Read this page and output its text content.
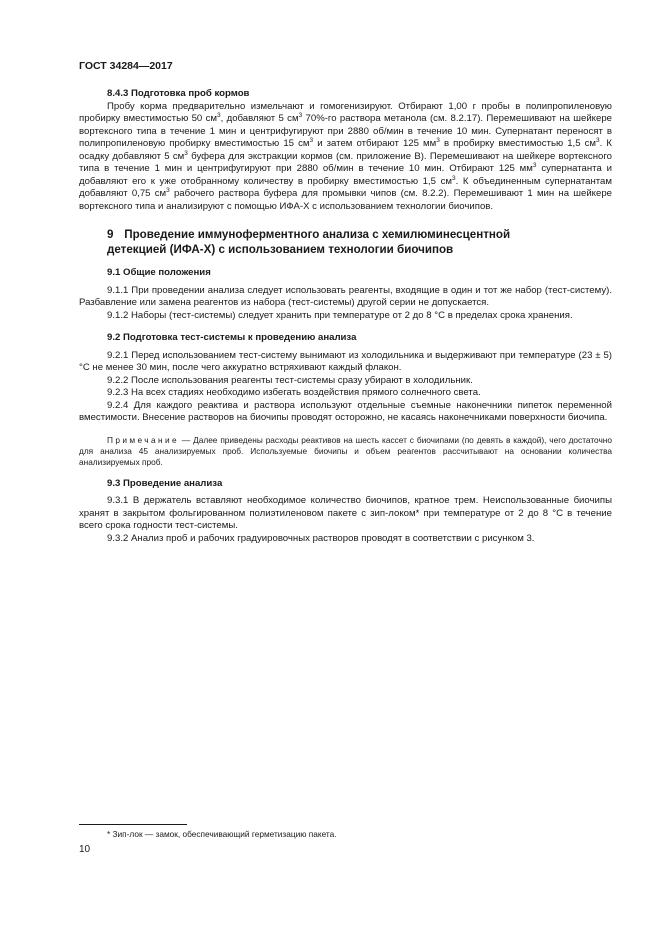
ГОСТ 34284—2017
8.4.3 Подготовка проб кормов

Пробу корма предварительно измельчают и гомогенизируют. Отбирают 1,00 г пробы в полипропиленовую пробирку вместимостью 50 $см^3$, добавляют 5 $см^3$ 70%-го раствора метанола (см. 8.2.17). Перемешивают на шейкере вортексного типа в течение 1 мин и центрифугируют при 2880 об/мин в течение 10 мин. Супернатант переносят в полипропиленовую пробирку вместимостью 15 $см^3$ и затем отбирают 125 $мм^3$ в пробирку вместимостью 1,5 $см^3$. К осадку добавляют 5 $см^3$ буфера для экстракции кормов (см. приложение В). Перемешивают на шейкере вортексного типа в течение 1 мин и центрифугируют при 2880 об/мин в течение 10 мин. Отбирают 125 $мм^3$ супернатанта и добавляют его к уже отобранному количеству в пробирку вместимостью 1,5 $см^3$. К объединенным супернатантам добавляют 0,75 $см^3$ рабочего раствора буфера для промывки чипов (см. 8.2.2). Перемешивают 1 мин на шейкере вортексного типа и анализируют с помощью ИФА-Х с использованием технологии биочипов.

9 Проведение иммуноферментного анализа с хемилюминесцентной
детекцией (ИФА-Х) с использованием технологии биочипов
9.1 Общие положения

9.1.1 При проведении анализа следует использовать реагенты, входящие в один и тот же набор (тест-систему). Разбавление или замена реагентов из набора (тест-системы) другой серии не допускается.

9.1.2 Наборы (тест-системы) следует хранить при температуре от 2 до 8 °С в пределах срока хранения.

9.2 Подготовка тест-системы к проведению анализа

9.2.1 Перед использованием тест-систему вынимают из холодильника и выдерживают при температуре (23 ± 5) °С не менее 30 мин, после чего аккуратно встряхивают каждый флакон.

9.2.2 После использования реагенты тест-системы сразу убирают в холодильник.

9.2.3 На всех стадиях необходимо избегать воздействия прямого солнечного света.

9.2.4 Для каждого реактива и раствора используют отдельные съемные наконечники пипеток переменной вместимости. Внесение растворов на биочипы проводят осторожно, не касаясь наконечниками поверхности биочипа.

Примечание — Далее приведены расходы реактивов на шесть кассет с биочипами (по девять в каждой), чего достаточно для анализа 45 анализируемых проб. Используемые биочипы и объем реагентов рассчитывают на основании количества анализируемых проб.

9.3 Проведение анализа

9.3.1 В держатель вставляют необходимое количество биочипов, кратное трем. Неиспользованные биочипы хранят в закрытом фольгированном полиэтиленовом пакете с зип-локом* при температуре от 2 до 8 °С в течение всего срока годности тест-системы.

9.3.2 Анализ проб и рабочих градуировочных растворов проводят в соответствии с рисунком 3.

* Зип-лок — замок, обеспечивающий герметизацию пакета.
10
